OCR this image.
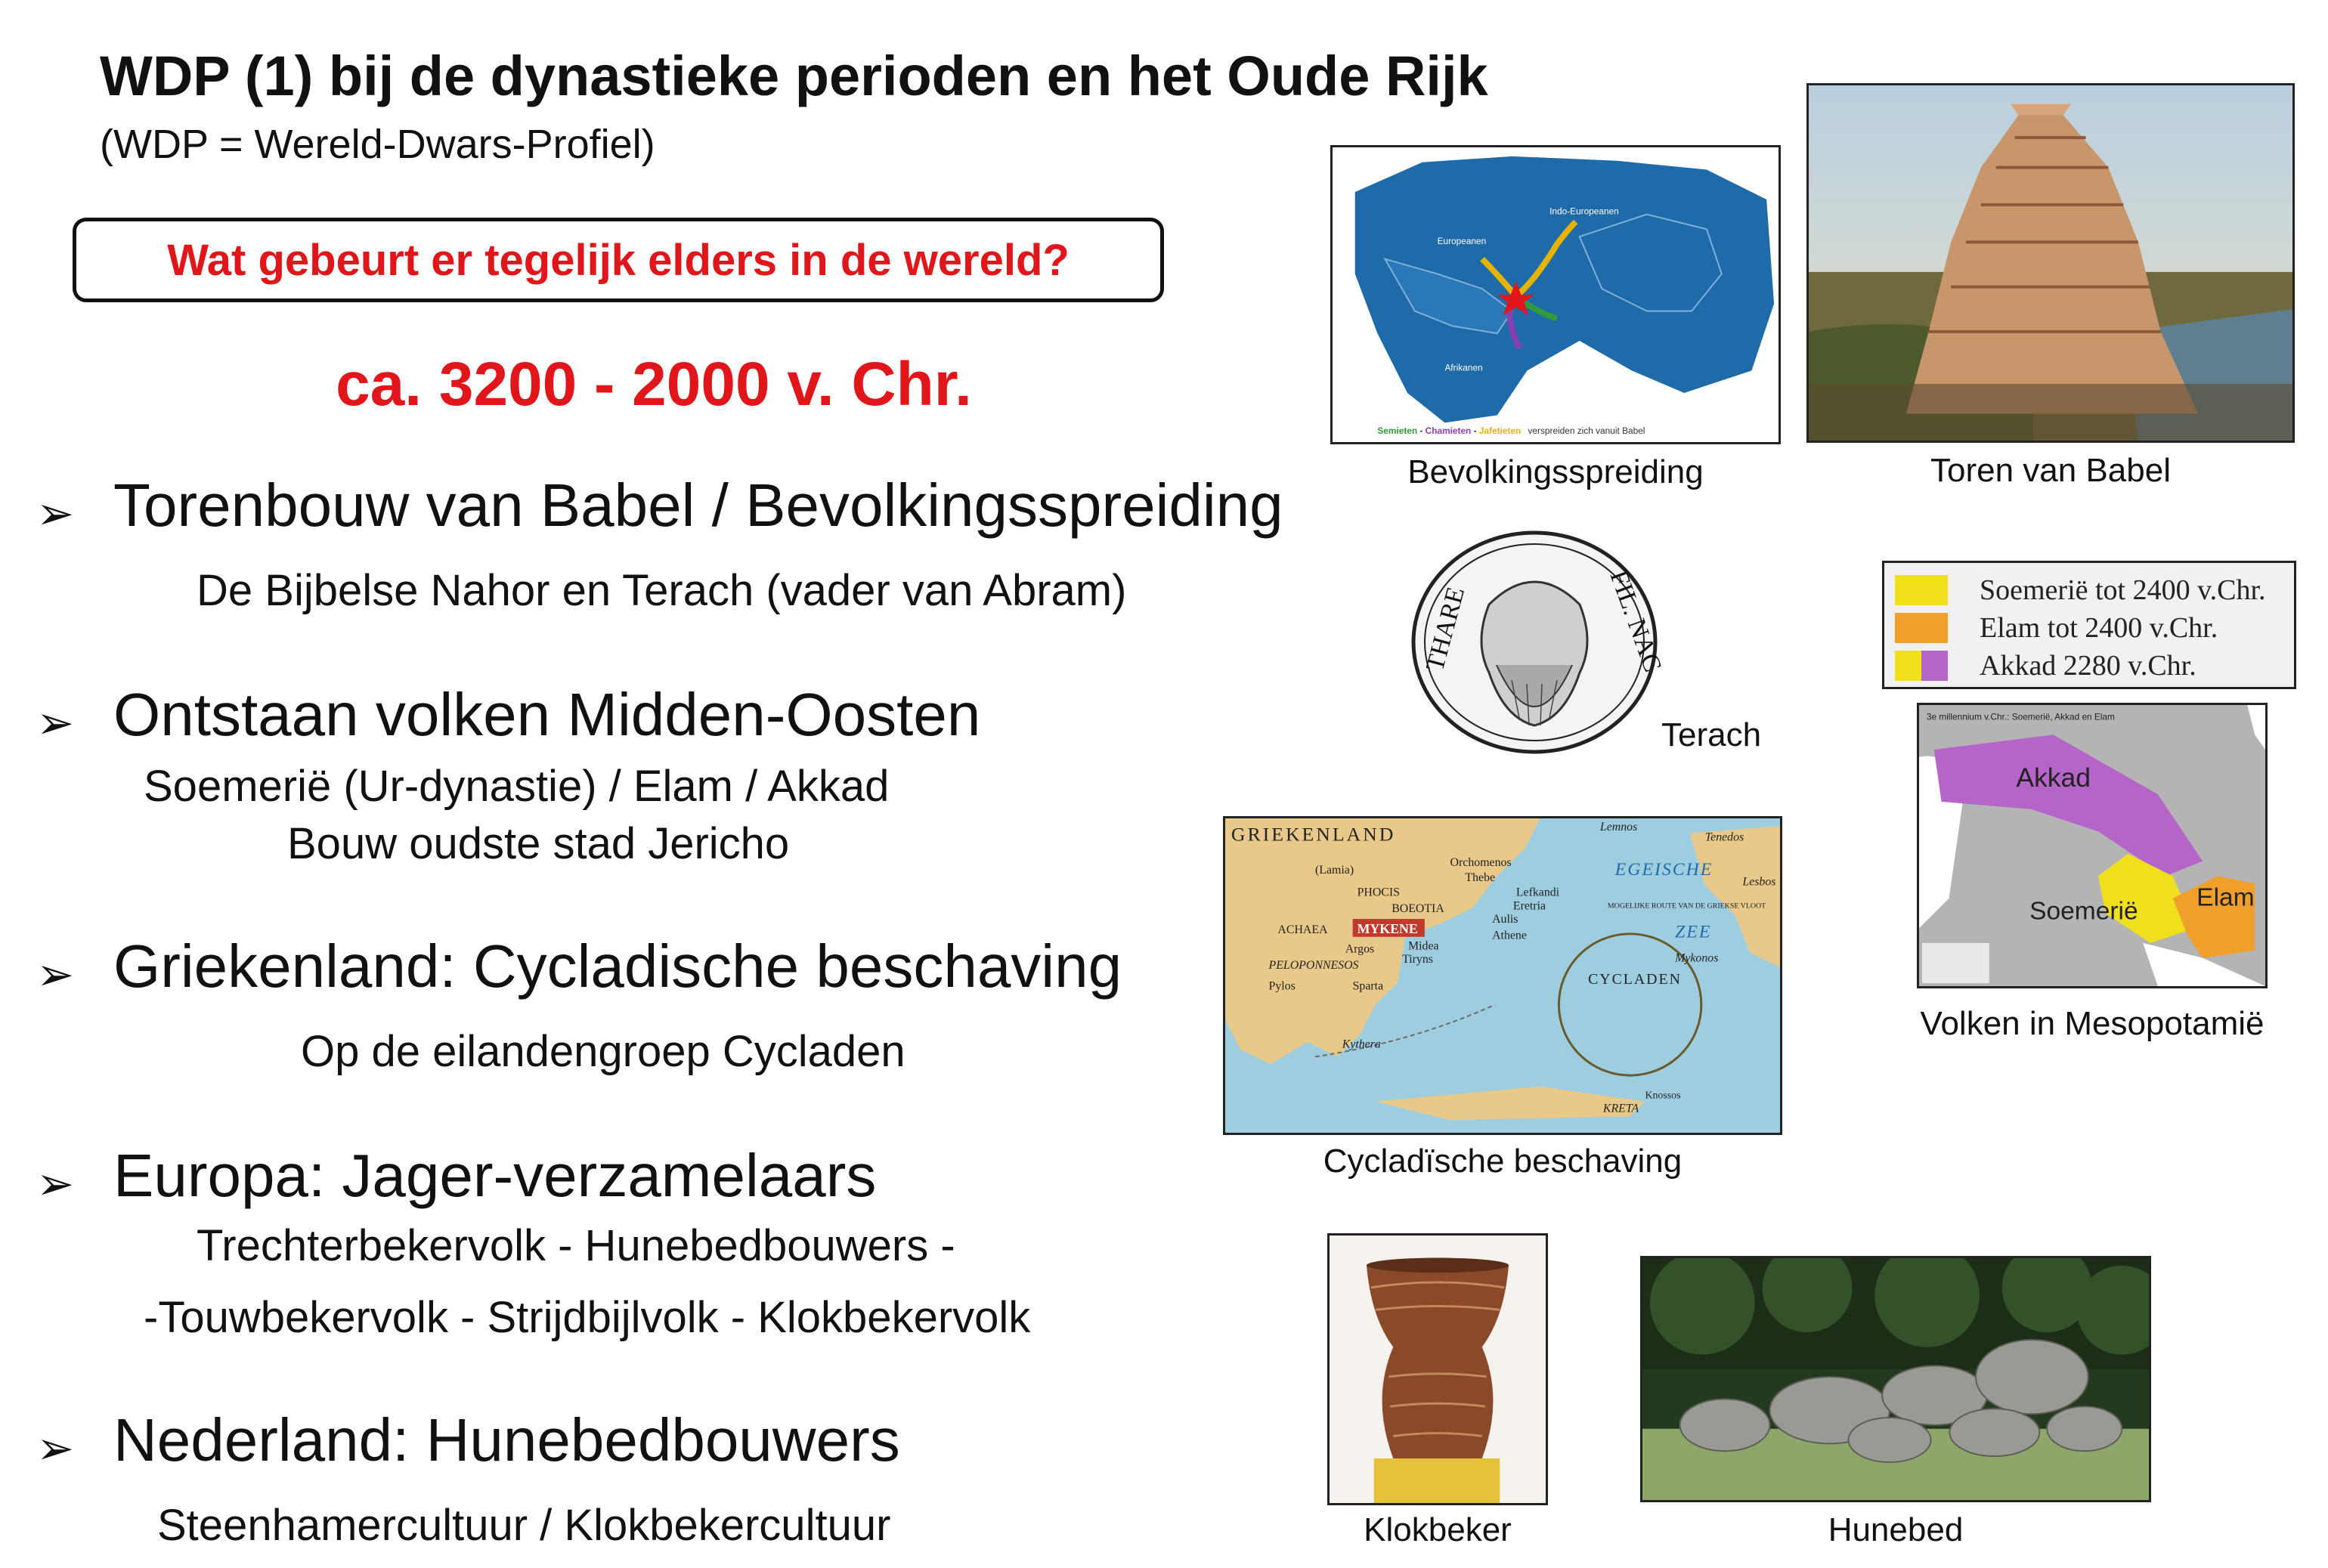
WDP (1) bij de dynastieke perioden en het Oude Rijk
(WDP = Wereld-Dwars-Profiel)
Wat gebeurt er tegelijk elders in de wereld?
ca. 3200 - 2000 v. Chr.
➢ Torenbouw van Babel / Bevolkingsspreiding
De Bijbelse Nahor en Terach (vader van Abram)
➢ Ontstaan volken Midden-Oosten
Soemerië (Ur-dynastie) / Elam / Akkad
Bouw oudste stad Jericho
➢ Griekenland: Cycladische beschaving
Op de eilandengroep Cycladen
➢ Europa: Jager-verzamelaars
Trechterbekervolk - Hunebedbouwers -
-Touwbekervolk - Strijdbijlvolk - Klokbekervolk
➢ Nederland: Hunebedbouwers
Steenhamercultuur / Klokbekercultuur
Indo-Europeanen
Europeanen
Afrikanen
Semieten - Chamieten - Jafetieten verspreiden zich vanuit Babel
Bevolkingsspreiding	Toren van Babel
THARE	FIL. NAC
Terach
Soemerië tot 2400 v.Chr.
Elam tot 2400 v.Chr.
Akkad 2280 v.Chr.
3e millennium v.Chr.: Soemerië, Akkad en Elam
Akkad
Soemerië Elam
Volken in Mesopotamië
GRIEKENLAND	Lemnos
Tenedos
Lesbos
EGEISCHE
ZEE
Orchomenos
Thebe
(Lamia)
PHOCIS
BOEOTIA
Lefkandi
Eretria
Aulis
Athene
ACHAEA MYKENE
Midea
Argos
Tiryns
PELOPONNESOS
Sparta
Pylos
Kythera
MOGELIJKE ROUTE VAN DE GRIEKSE VLOOT
Mykonos
CYCLADEN
Knossos
KRETA
Cycladïsche beschaving
Klokbeker	Hunebed
